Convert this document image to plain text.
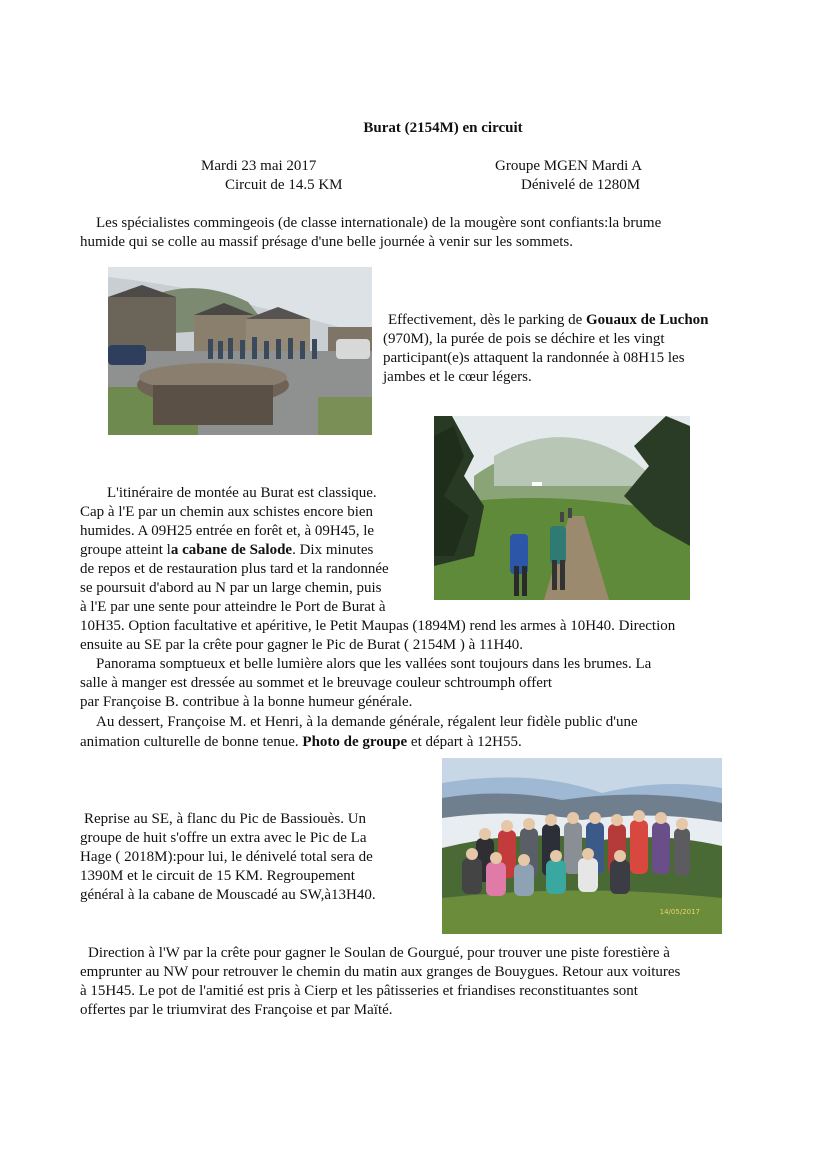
Burat (2154M) en circuit
Mardi 23 mai 2017	Groupe MGEN Mardi A
Circuit de 14.5 KM	Dénivelé de 1280M
Les spécialistes commingeois (de classe internationale) de la mougère sont confiants:la brume
humide qui se colle au massif présage d'une belle journée à venir sur les sommets.
Effectivement, dès le parking de Gouaux de Luchon
(970M), la purée de pois se déchire et les vingt
participant(e)s attaquent la randonnée à 08H15 les
jambes et le cœur légers.
L'itinéraire de montée au Burat est classique.
Cap à l'E par un chemin aux schistes encore bien
humides. A 09H25 entrée en forêt et, à 09H45, le
groupe atteint la cabane de Salode. Dix minutes
de repos et de restauration plus tard et la randonnée
se poursuit d'abord au N par un large chemin, puis
à l'E par une sente pour atteindre le Port de Burat à
10H35. Option facultative et apéritive, le Petit Maupas (1894M) rend les armes à 10H40. Direction
ensuite au SE par la crête pour gagner le Pic de Burat ( 2154M ) à 11H40.
Panorama somptueux et belle lumière alors que les vallées sont toujours dans les brumes. La
salle à manger est dressée au sommet et le breuvage couleur schtroumph offert
par Françoise B. contribue à la bonne humeur générale.
Au dessert, Françoise M. et Henri, à la demande générale, régalent leur fidèle public d'une
animation culturelle de bonne tenue. Photo de groupe et départ à 12H55.
14/05/2017
Reprise au SE, à flanc du Pic de Bassiouès. Un
groupe de huit s'offre un extra avec le Pic de La
Hage ( 2018M):pour lui, le dénivelé total sera de
1390M et le circuit de 15 KM. Regroupement
général à la cabane de Mouscadé au SW,à13H40.
Direction à l'W par la crête pour gagner le Soulan de Gourgué, pour trouver une piste forestière à
emprunter au NW pour retrouver le chemin du matin aux granges de Bouygues. Retour aux voitures
à 15H45. Le pot de l'amitié est pris à Cierp et les pâtisseries et friandises reconstituantes sont
offertes par le triumvirat des Françoise et par Maïté.
